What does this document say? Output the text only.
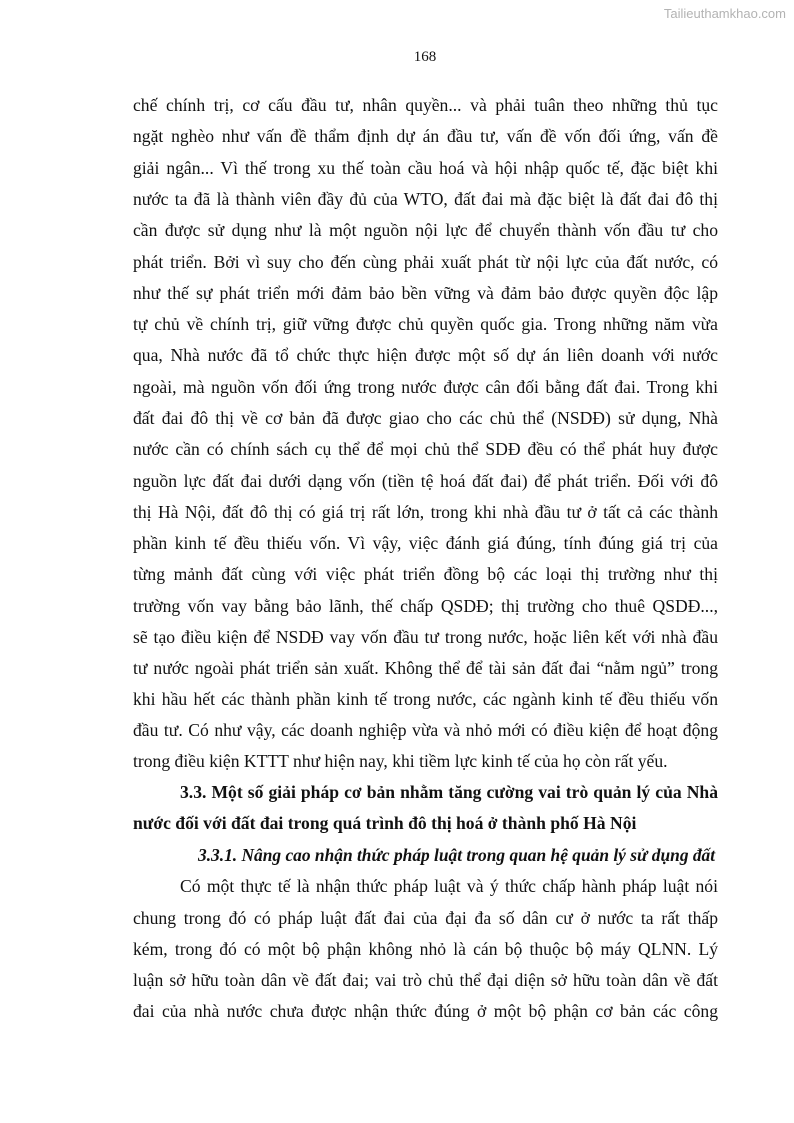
Tailieuthamkhao.com
168
chế chính trị, cơ cấu đầu tư, nhân quyền... và phải tuân theo những thủ tục
ngặt nghèo như vấn đề thẩm định dự án đầu tư, vấn đề vốn đối ứng, vấn đề
giải ngân... Vì thế trong xu thế toàn cầu hoá và hội nhập quốc tế, đặc biệt khi
nước ta đã là thành viên đầy đủ của WTO, đất đai mà đặc biệt là đất đai đô thị
cần được sử dụng như là một nguồn nội lực để chuyển thành vốn đầu tư cho
phát triển. Bởi vì suy cho đến cùng phải xuất phát từ nội lực của đất nước, có
như thế sự phát triển mới đảm bảo bền vững và đảm bảo được quyền độc lập
tự chủ về chính trị, giữ vững được chủ quyền quốc gia. Trong những năm vừa
qua, Nhà nước đã tổ chức thực hiện được một số dự án liên doanh với nước
ngoài, mà nguồn vốn đối ứng trong nước được cân đối bằng đất đai. Trong khi
đất đai đô thị về cơ bản đã được giao cho các chủ thể (NSDĐ) sử dụng, Nhà
nước cần có chính sách cụ thể để mọi chủ thể SDĐ đều có thể phát huy được
nguồn lực đất đai dưới dạng vốn (tiền tệ hoá đất đai) để phát triển. Đối với đô
thị Hà Nội, đất đô thị có giá trị rất lớn, trong khi nhà đầu tư ở tất cả các thành
phần kinh tế đều thiếu vốn. Vì vậy, việc đánh giá đúng, tính đúng giá trị của
từng mảnh đất cùng với việc phát triển đồng bộ các loại thị trường như thị
trường vốn vay bằng bảo lãnh, thế chấp QSDĐ; thị trường cho thuê QSDĐ...,
sẽ tạo điều kiện để NSDĐ vay vốn đầu tư trong nước, hoặc liên kết với nhà đầu
tư nước ngoài phát triển sản xuất. Không thể để tài sản đất đai “nằm ngủ” trong
khi hầu hết các thành phần kinh tế trong nước, các ngành kinh tế đều thiếu vốn
đầu tư. Có như vậy, các doanh nghiệp vừa và nhỏ mới có điều kiện để hoạt động
trong điều kiện KTTT như hiện nay, khi tiềm lực kinh tế của họ còn rất yếu.
3.3. Một số giải pháp cơ bản nhằm tăng cường vai trò quản lý của Nhà
nước đối với đất đai trong quá trình đô thị hoá ở thành phố Hà Nội
3.3.1. Nâng cao nhận thức pháp luật trong quan hệ quản lý sử dụng đất
Có một thực tế là nhận thức pháp luật và ý thức chấp hành pháp luật nói
chung trong đó có pháp luật đất đai của đại đa số dân cư ở nước ta rất thấp
kém, trong đó có một bộ phận không nhỏ là cán bộ thuộc bộ máy QLNN. Lý
luận sở hữu toàn dân về đất đai; vai trò chủ thể đại diện sở hữu toàn dân về đất
đai của nhà nước chưa được nhận thức đúng ở một bộ phận cơ bản các công
